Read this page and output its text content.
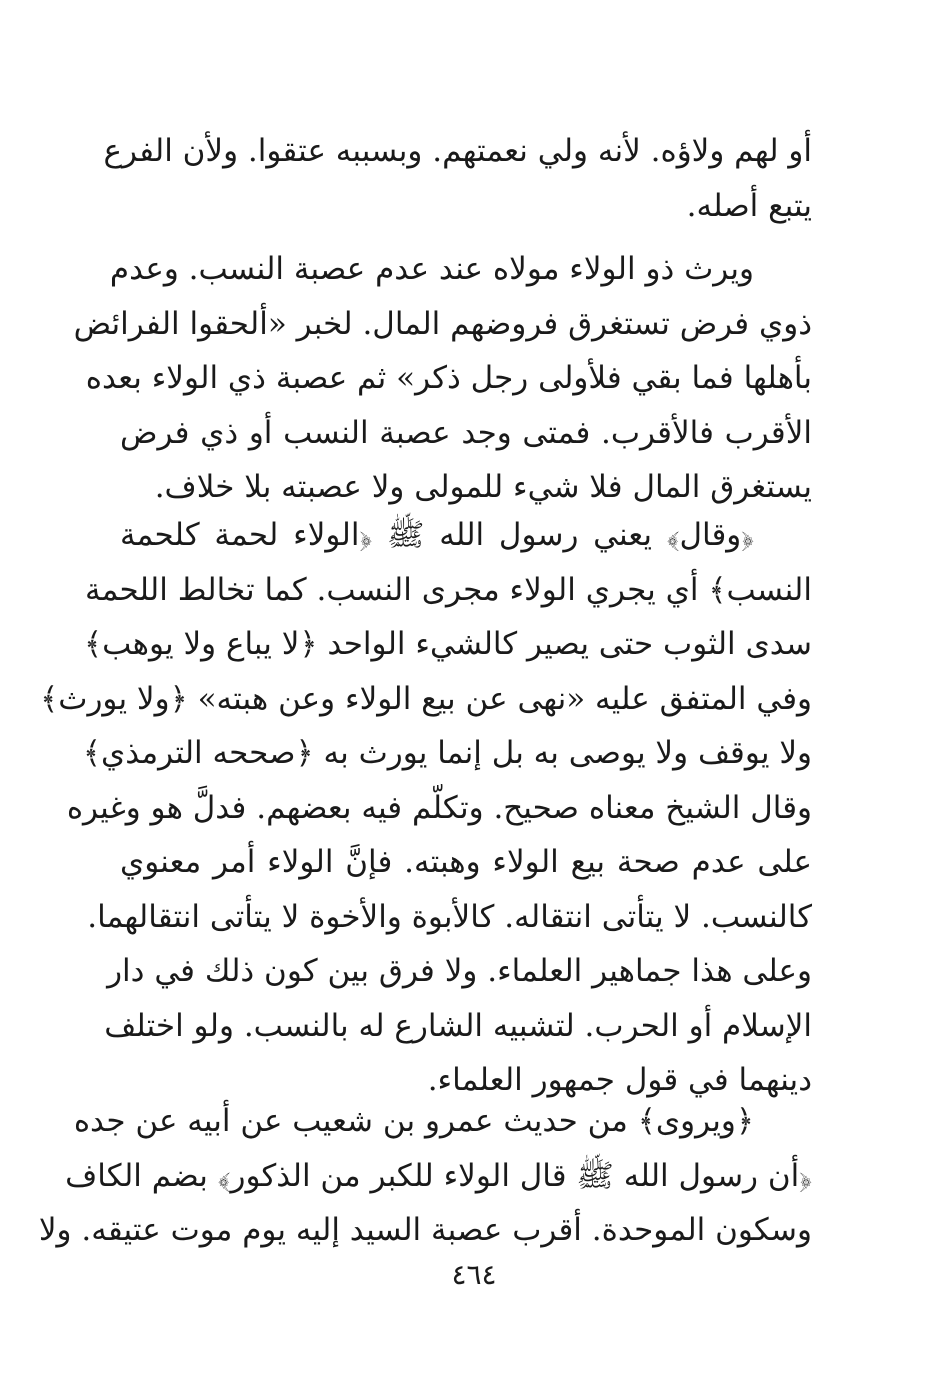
أو لهم ولاؤه. لأنه ولي نعمتهم. وبسببه عتقوا. ولأن الفرع
يتبع أصله.
ويرث ذو الولاء مولاه عند عدم عصبة النسب. وعدم
ذوي فرض تستغرق فروضهم المال. لخبر «ألحقوا الفرائض
بأهلها فما بقي فلأولى رجل ذكر» ثم عصبة ذي الولاء بعده
الأقرب فالأقرب. فمتى وجد عصبة النسب أو ذي فرض
يستغرق المال فلا شيء للمولى ولا عصبته بلا خلاف.
﴿وقال﴾ يعني رسول الله ﷺ ﴿الولاء لحمة كلحمة
النسب﴾ أي يجري الولاء مجرى النسب. كما تخالط اللحمة
سدى الثوب حتى يصير كالشيء الواحد ﴿لا يباع ولا يوهب﴾
وفي المتفق عليه «نهى عن بيع الولاء وعن هبته» ﴿ولا يورث﴾
ولا يوقف ولا يوصى به بل إنما يورث به ﴿صححه الترمذي﴾
وقال الشيخ معناه صحيح. وتكلّم فيه بعضهم. فدلَّ هو وغيره
على عدم صحة بيع الولاء وهبته. فإنَّ الولاء أمر معنوي
كالنسب. لا يتأتى انتقاله. كالأبوة والأخوة لا يتأتى انتقالهما.
وعلى هذا جماهير العلماء. ولا فرق بين كون ذلك في دار
الإسلام أو الحرب. لتشبيه الشارع له بالنسب. ولو اختلف
دينهما في قول جمهور العلماء.
﴿ويروى﴾ من حديث عمرو بن شعيب عن أبيه عن جده
﴿أن رسول الله ﷺ قال الولاء للكبر من الذكور﴾ بضم الكاف
وسكون الموحدة. أقرب عصبة السيد إليه يوم موت عتيقه. ولا
٤٦٤
